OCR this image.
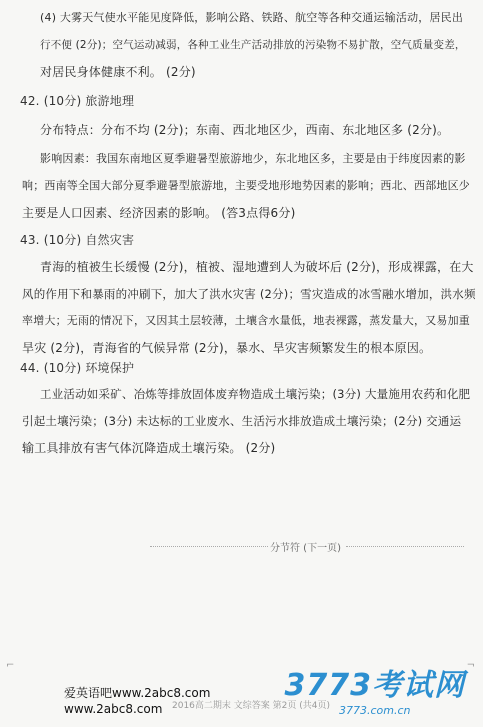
(4) 大雾天气使水平能见度降低，影响公路、铁路、航空等各种交通运输活动，居民出
行不便 (2分)；空气运动减弱，各种工业生产活动排放的污染物不易扩散，空气质量变差，
对居民身体健康不利。 (2分)
42. (10分) 旅游地理
分布特点：分布不均 (2分)；东南、西北地区少，西南、东北地区多 (2分)。
影响因素：我国东南地区夏季避暑型旅游地少，东北地区多，主要是由于纬度因素的影
响；西南等全国大部分夏季避暑型旅游地，主要受地形地势因素的影响；西北、西部地区少
主要是人口因素、经济因素的影响。 (答3点得6分)
43. (10分) 自然灾害
青海的植被生长缓慢 (2分)，植被、湿地遭到人为破坏后 (2分)，形成裸露，在大
风的作用下和暴雨的冲刷下，加大了洪水灾害 (2分)；雪灾造成的冰雪融水增加，洪水频
率增大；无雨的情况下，又因其土层较薄，土壤含水量低，地表裸露，蒸发量大，又易加重
旱灾 (2分)，青海省的气候异常 (2分)，暴水、旱灾害频繁发生的根本原因。
44. (10分) 环境保护
工业活动如采矿、冶炼等排放固体废弃物造成土壤污染；(3分) 大量施用农药和化肥
引起土壤污染；(3分) 未达标的工业废水、生活污水排放造成土壤污染；(2分) 交通运
输工具排放有害气体沉降造成土壤污染。 (2分)
分节符 (下一页)
⌐	¬
2016高二期末 文综答案 第2页 (共4页)
爱英语吧www.2abc8.com
www.2abc8.com
3773考试网
3773.com.cn
